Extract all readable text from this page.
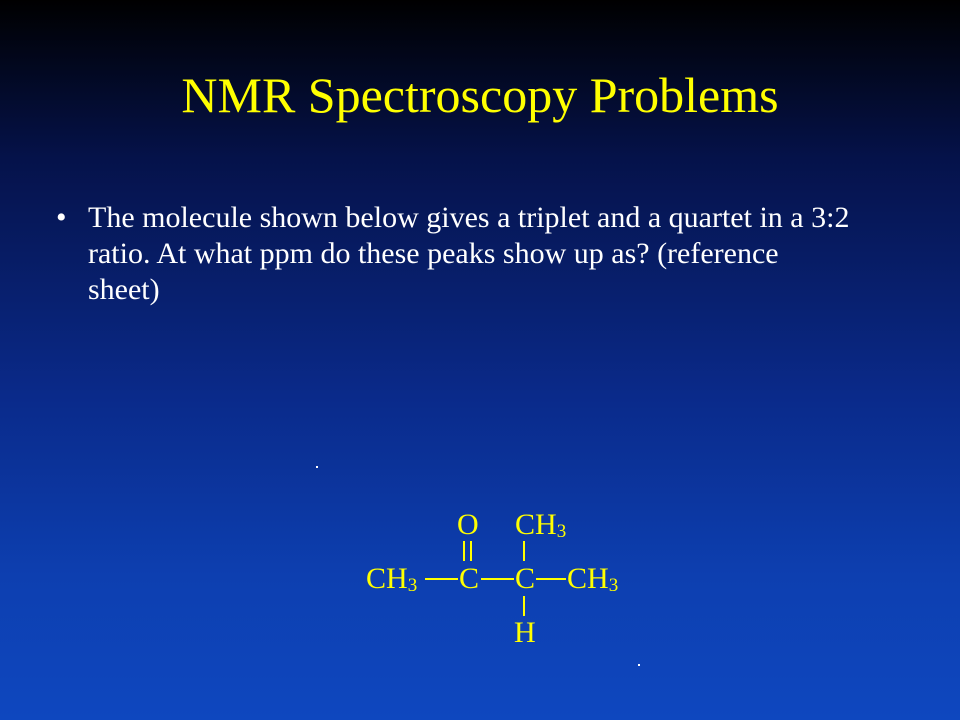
NMR Spectroscopy Problems
• The molecule shown below gives a triplet and a quartet in a 3:2 ratio. At what ppm do these peaks show up as? (reference sheet)
O $CH_3$
$CH_3$ C C $CH_3$
H
